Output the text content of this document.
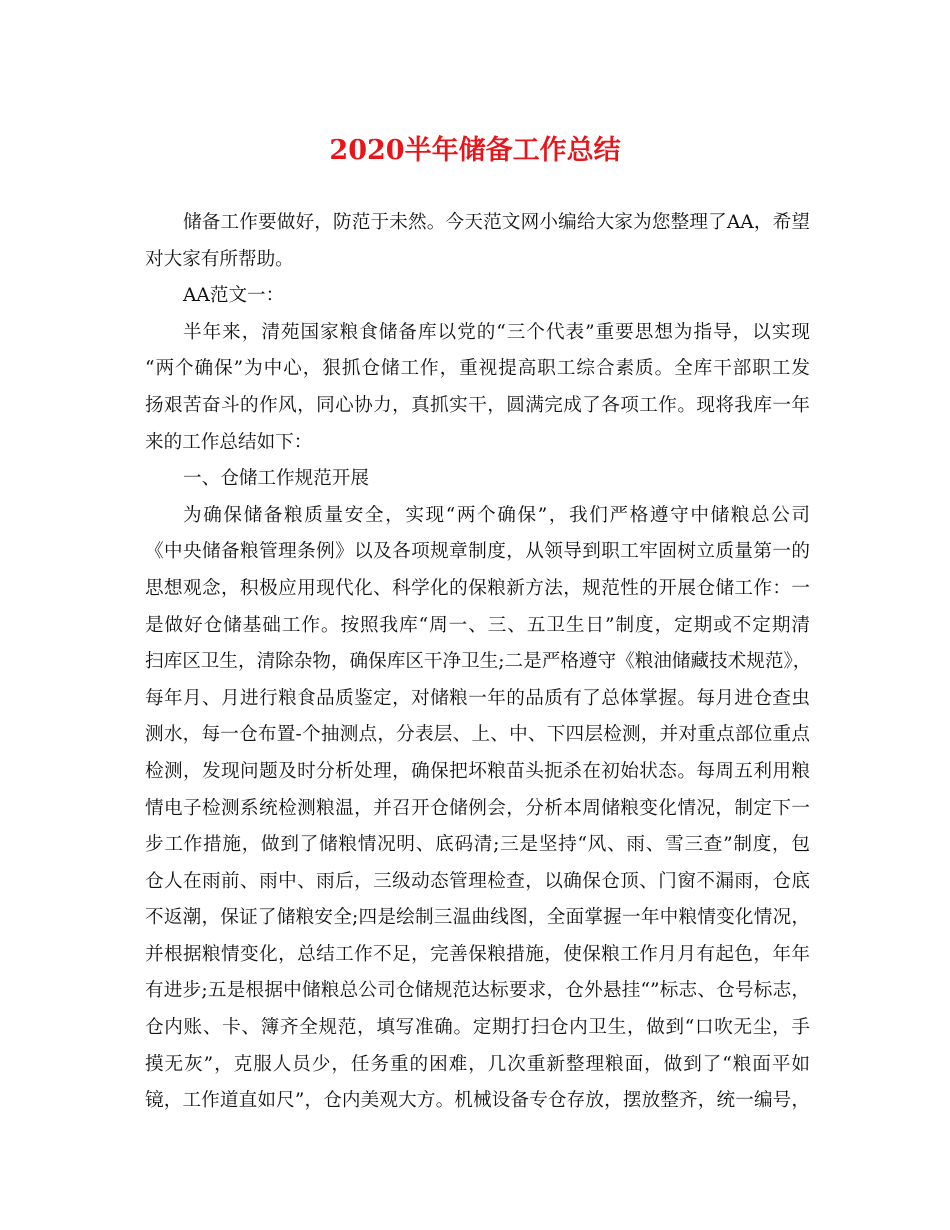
2020半年储备工作总结
储备工作要做好，防范于未然。今天范文网小编给大家为您整理了AA，希望
对大家有所帮助。
AA范文一：
半年来，清苑国家粮食储备库以党的“三个代表”重要思想为指导，以实现
“两个确保”为中心，狠抓仓储工作，重视提高职工综合素质。全库干部职工发
扬艰苦奋斗的作风，同心协力，真抓实干，圆满完成了各项工作。现将我库一年
来的工作总结如下：
一、仓储工作规范开展
为确保储备粮质量安全，实现“两个确保”，我们严格遵守中储粮总公司
《中央储备粮管理条例》以及各项规章制度，从领导到职工牢固树立质量第一的
思想观念，积极应用现代化、科学化的保粮新方法，规范性的开展仓储工作：一
是做好仓储基础工作。按照我库“周一、三、五卫生日”制度，定期或不定期清
扫库区卫生，清除杂物，确保库区干净卫生;二是严格遵守《粮油储藏技术规范》，
每年月、月进行粮食品质鉴定，对储粮一年的品质有了总体掌握。每月进仓查虫
测水，每一仓布置-个抽测点，分表层、上、中、下四层检测，并对重点部位重点
检测，发现问题及时分析处理，确保把坏粮苗头扼杀在初始状态。每周五利用粮
情电子检测系统检测粮温，并召开仓储例会，分析本周储粮变化情况，制定下一
步工作措施，做到了储粮情况明、底码清;三是坚持“风、雨、雪三查”制度，包
仓人在雨前、雨中、雨后，三级动态管理检查，以确保仓顶、门窗不漏雨，仓底
不返潮，保证了储粮安全;四是绘制三温曲线图，全面掌握一年中粮情变化情况，
并根据粮情变化，总结工作不足，完善保粮措施，使保粮工作月月有起色，年年
有进步;五是根据中储粮总公司仓储规范达标要求，仓外悬挂“”标志、仓号标志，
仓内账、卡、簿齐全规范，填写准确。定期打扫仓内卫生，做到“口吹无尘，手
摸无灰”，克服人员少，任务重的困难，几次重新整理粮面，做到了“粮面平如
镜，工作道直如尺”，仓内美观大方。机械设备专仓存放，摆放整齐，统一编号，
